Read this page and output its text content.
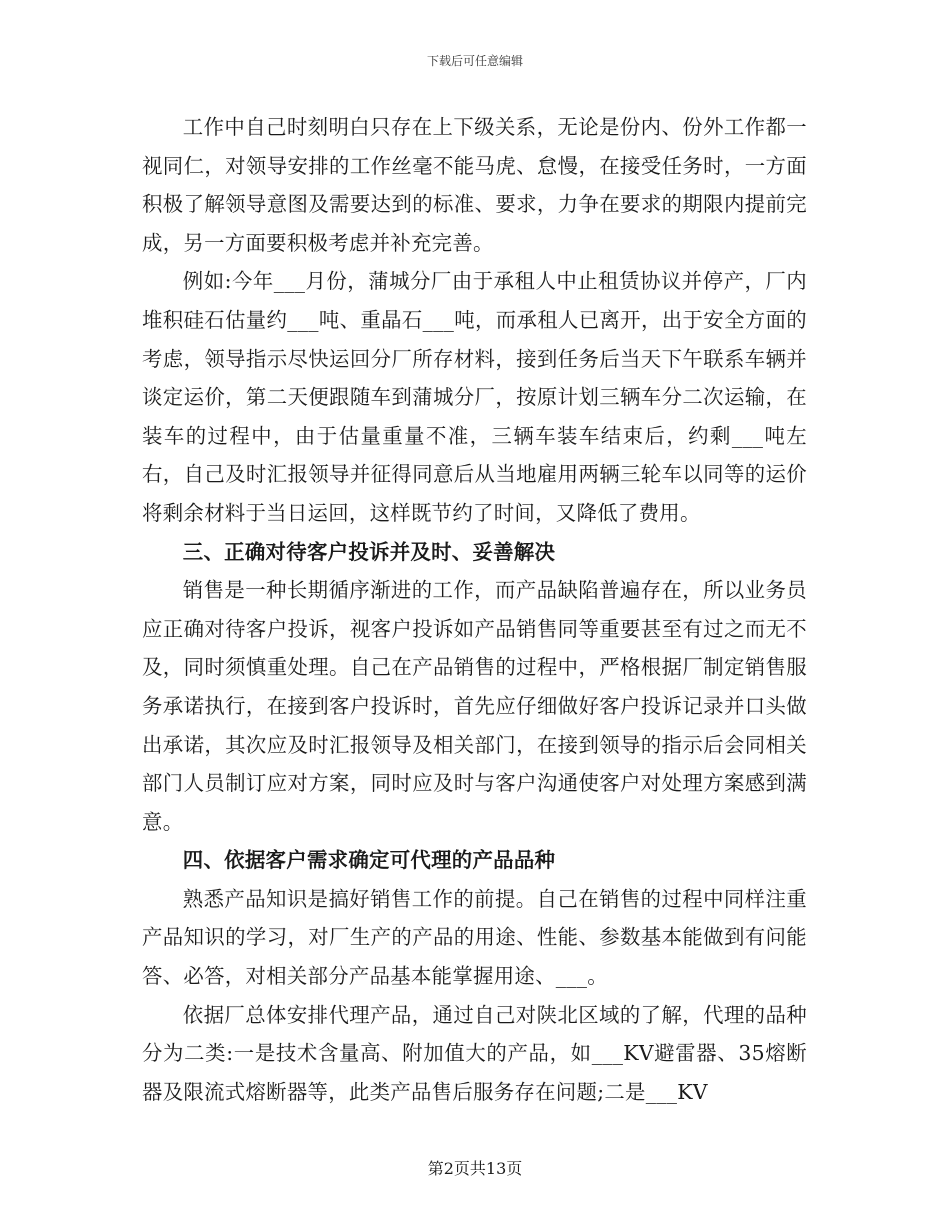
下载后可任意编辑

工作中自己时刻明白只存在上下级关系，无论是份内、份外工作都一视同仁，对领导安排的工作丝毫不能马虎、怠慢，在接受任务时，一方面积极了解领导意图及需要达到的标准、要求，力争在要求的期限内提前完成，另一方面要积极考虑并补充完善。

例如:今年___月份，蒲城分厂由于承租人中止租赁协议并停产，厂内堆积硅石估量约___吨、重晶石___吨，而承租人已离开，出于安全方面的考虑，领导指示尽快运回分厂所存材料，接到任务后当天下午联系车辆并谈定运价，第二天便跟随车到蒲城分厂，按原计划三辆车分二次运输，在装车的过程中，由于估量重量不准，三辆车装车结束后，约剩___吨左右，自己及时汇报领导并征得同意后从当地雇用两辆三轮车以同等的运价将剩余材料于当日运回，这样既节约了时间，又降低了费用。

三、正确对待客户投诉并及时、妥善解决

销售是一种长期循序渐进的工作，而产品缺陷普遍存在，所以业务员应正确对待客户投诉，视客户投诉如产品销售同等重要甚至有过之而无不及，同时须慎重处理。自己在产品销售的过程中，严格根据厂制定销售服务承诺执行，在接到客户投诉时，首先应仔细做好客户投诉记录并口头做出承诺，其次应及时汇报领导及相关部门，在接到领导的指示后会同相关部门人员制订应对方案，同时应及时与客户沟通使客户对处理方案感到满意。

四、依据客户需求确定可代理的产品品种

熟悉产品知识是搞好销售工作的前提。自己在销售的过程中同样注重产品知识的学习，对厂生产的产品的用途、性能、参数基本能做到有问能答、必答，对相关部分产品基本能掌握用途、___。

依据厂总体安排代理产品，通过自己对陕北区域的了解，代理的品种分为二类:一是技术含量高、附加值大的产品，如___KV避雷器、35熔断器及限流式熔断器等，此类产品售后服务存在问题;二是___KV

第2页共13页
